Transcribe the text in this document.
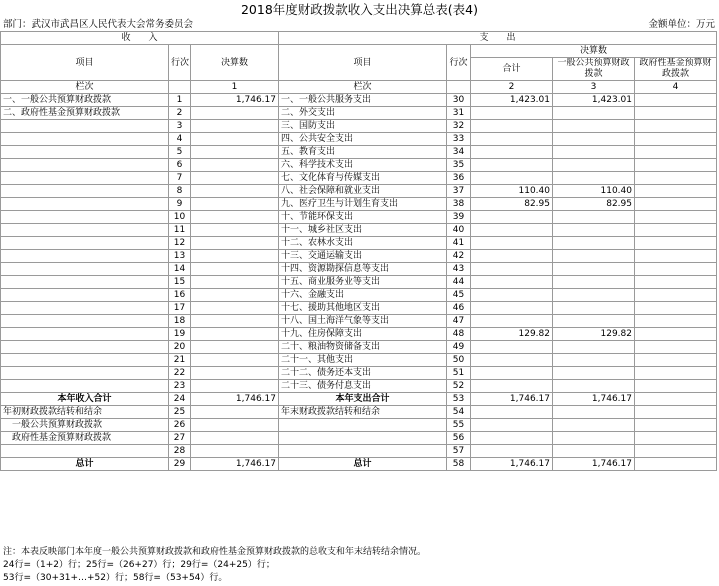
2018年度财政拨款收入支出决算总表(表4)
部门：武汉市武昌区人民代表大会常务委员会	金额单位：万元
收　　入			支　　出				
项目	行次	决算数	项目	行次	决算数		
					合计	一般公共预算财政拨款	政府性基金预算财政拨款

栏次		1	栏次		2	3	4
一、一般公共预算财政拨款	1	1,746.17	一、一般公共服务支出	30	1,423.01	1,423.01	
二、政府性基金预算财政拨款	2		二、外交支出	31			
	3		三、国防支出	32			
	4		四、公共安全支出	33			
	5		五、教育支出	34			
	6		六、科学技术支出	35			
	7		七、文化体育与传媒支出	36			
	8		八、社会保障和就业支出	37	110.40	110.40	
	9		九、医疗卫生与计划生育支出	38	82.95	82.95	
	10		十、节能环保支出	39			
	11		十一、城乡社区支出	40			
	12		十二、农林水支出	41			
	13		十三、交通运输支出	42			
	14		十四、资源勘探信息等支出	43			
	15		十五、商业服务业等支出	44			
	16		十六、金融支出	45			
	17		十七、援助其他地区支出	46			
	18		十八、国土海洋气象等支出	47			
	19		十九、住房保障支出	48	129.82	129.82	
	20		二十、粮油物资储备支出	49			
	21		二十一、其他支出	50			
	22		二十二、债务还本支出	51			
	23		二十三、债务付息支出	52			
本年收入合计	24	1,746.17	本年支出合计	53	1,746.17	1,746.17	
年初财政拨款结转和结余	25		年末财政拨款结转和结余	54			
　一般公共预算财政拨款	26			55			
　政府性基金预算财政拨款	27			56			
	28			57			
总计	29	1,746.17	总计	58	1,746.17	1,746.17	
注：本表反映部门本年度一般公共预算财政拨款和政府性基金预算财政拨款的总收支和年末结转结余情况。
24行=（1+2）行；25行=（26+27）行；29行=（24+25）行；
53行=（30+31+…+52）行；58行=（53+54）行。
